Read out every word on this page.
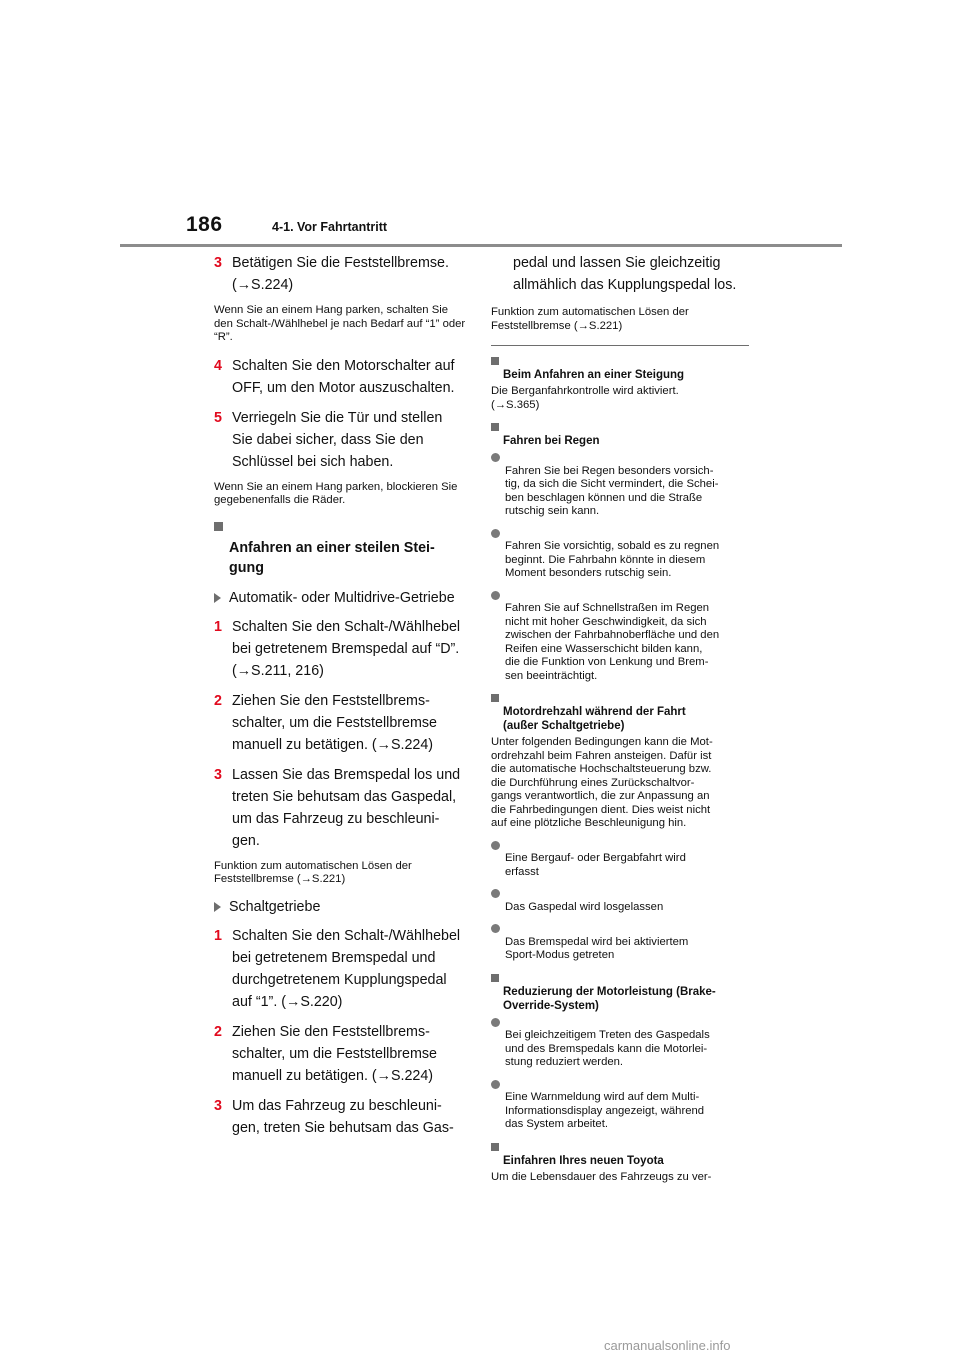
186	4-1. Vor Fahrtantritt
3 Betätigen Sie die Feststellbremse.
(→S.224)
Wenn Sie an einem Hang parken, schalten Sie den Schalt-/Wählhebel je nach Bedarf auf “1” oder “R”.
4 Schalten Sie den Motorschalter auf
OFF, um den Motor auszuschalten.
5 Verriegeln Sie die Tür und stellen
Sie dabei sicher, dass Sie den
Schlüssel bei sich haben.
Wenn Sie an einem Hang parken, blockieren Sie gegebenenfalls die Räder.

Anfahren an einer steilen Stei-
gung

Automatik- oder Multidrive-Getriebe
1 Schalten Sie den Schalt-/Wählhebel
bei getretenem Bremspedal auf “D”.
(→S.211, 216)
2 Ziehen Sie den Feststellbrems-
schalter, um die Feststellbremse
manuell zu betätigen. (→S.224)
3 Lassen Sie das Bremspedal los und
treten Sie behutsam das Gaspedal,
um das Fahrzeug zu beschleuni-
gen.
Funktion zum automatischen Lösen der Feststellbremse (→S.221)
Schaltgetriebe
1 Schalten Sie den Schalt-/Wählhebel
bei getretenem Bremspedal und
durchgetretenem Kupplungspedal
auf “1”. (→S.220)
2 Ziehen Sie den Feststellbrems-
schalter, um die Feststellbremse
manuell zu betätigen. (→S.224)
3 Um das Fahrzeug zu beschleuni-
gen, treten Sie behutsam das Gas-
pedal und lassen Sie gleichzeitig
allmählich das Kupplungspedal los.
Funktion zum automatischen Lösen der Feststellbremse (→S.221)

Beim Anfahren an einer Steigung

Die Berganfahrkontrolle wird aktiviert.
(→S.365)

Fahren bei Regen

Fahren Sie bei Regen besonders vorsich-
tig, da sich die Sicht vermindert, die Schei-
ben beschlagen können und die Straße
rutschig sein kann.

Fahren Sie vorsichtig, sobald es zu regnen
beginnt. Die Fahrbahn könnte in diesem
Moment besonders rutschig sein.

Fahren Sie auf Schnellstraßen im Regen
nicht mit hoher Geschwindigkeit, da sich
zwischen der Fahrbahnoberfläche und den
Reifen eine Wasserschicht bilden kann,
die die Funktion von Lenkung und Brem-
sen beeinträchtigt.

Motordrehzahl während der Fahrt
(außer Schaltgetriebe)

Unter folgenden Bedingungen kann die Mot-
ordrehzahl beim Fahren ansteigen. Dafür ist
die automatische Hochschaltsteuerung bzw.
die Durchführung eines Zurückschaltvor-
gangs verantwortlich, die zur Anpassung an
die Fahrbedingungen dient. Dies weist nicht
auf eine plötzliche Beschleunigung hin.

Eine Bergauf- oder Bergabfahrt wird
erfasst

Das Gaspedal wird losgelassen

Das Bremspedal wird bei aktiviertem
Sport-Modus getreten

Reduzierung der Motorleistung (Brake-
Override-System)

Bei gleichzeitigem Treten des Gaspedals
und des Bremspedals kann die Motorlei-
stung reduziert werden.

Eine Warnmeldung wird auf dem Multi-
Informationsdisplay angezeigt, während
das System arbeitet.

Einfahren Ihres neuen Toyota

Um die Lebensdauer des Fahrzeugs zu ver-
carmanualsonline.info
